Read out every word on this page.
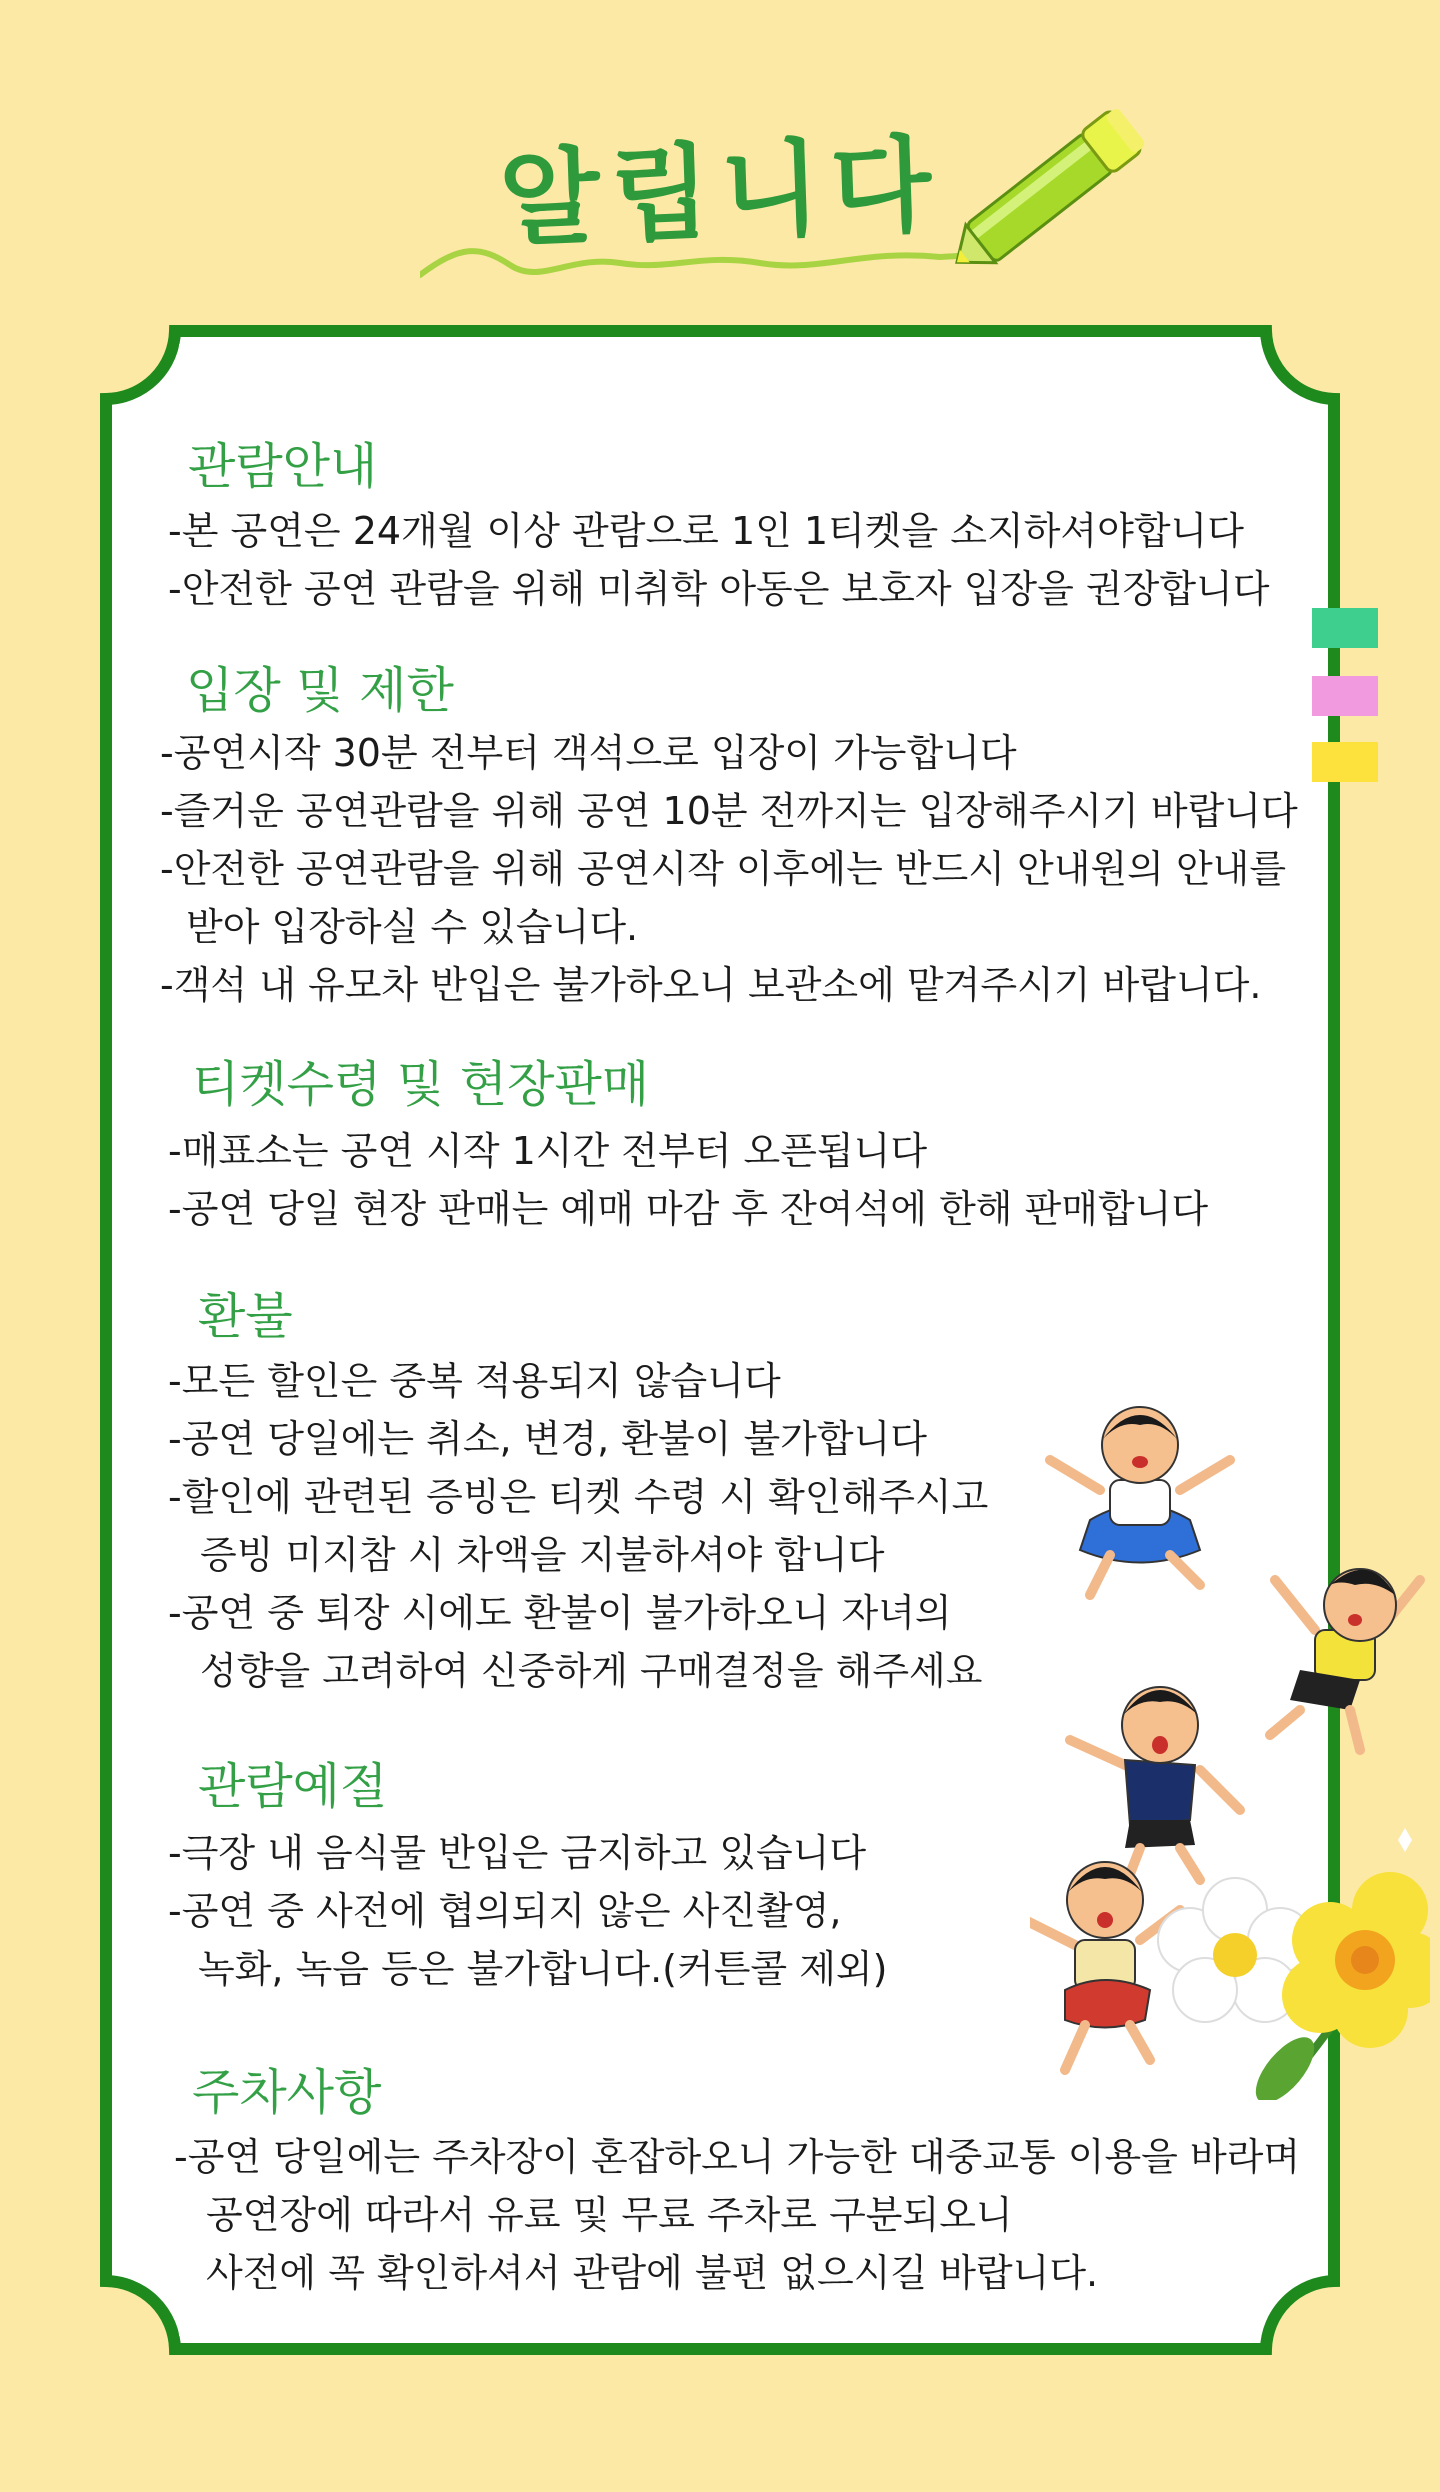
알립니다
관람안내

-본 공연은 24개월 이상 관람으로 1인 1티켓을 소지하셔야합니다

-안전한 공연 관람을 위해 미취학 아동은 보호자 입장을 권장합니다

입장 및 제한

-공연시작 30분 전부터 객석으로 입장이 가능합니다

-즐거운 공연관람을 위해 공연 10분 전까지는 입장해주시기 바랍니다

-안전한 공연관람을 위해 공연시작 이후에는 반드시 안내원의 안내를

받아 입장하실 수 있습니다.

-객석 내 유모차 반입은 불가하오니 보관소에 맡겨주시기 바랍니다.

티켓수령 및 현장판매

-매표소는 공연 시작 1시간 전부터 오픈됩니다

-공연 당일 현장 판매는 예매 마감 후 잔여석에 한해 판매합니다

환불

-모든 할인은 중복 적용되지 않습니다

-공연 당일에는 취소, 변경, 환불이 불가합니다

-할인에 관련된 증빙은 티켓 수령 시 확인해주시고

증빙 미지참 시 차액을 지불하셔야 합니다

-공연 중 퇴장 시에도 환불이 불가하오니 자녀의

성향을 고려하여 신중하게 구매결정을 해주세요

관람예절

-극장 내 음식물 반입은 금지하고 있습니다

-공연 중 사전에 협의되지 않은 사진촬영,

녹화, 녹음 등은 불가합니다.(커튼콜 제외)

주차사항

-공연 당일에는 주차장이 혼잡하오니 가능한 대중교통 이용을 바라며

공연장에 따라서 유료 및 무료 주차로 구분되오니

사전에 꼭 확인하셔서 관람에 불편 없으시길 바랍니다.
